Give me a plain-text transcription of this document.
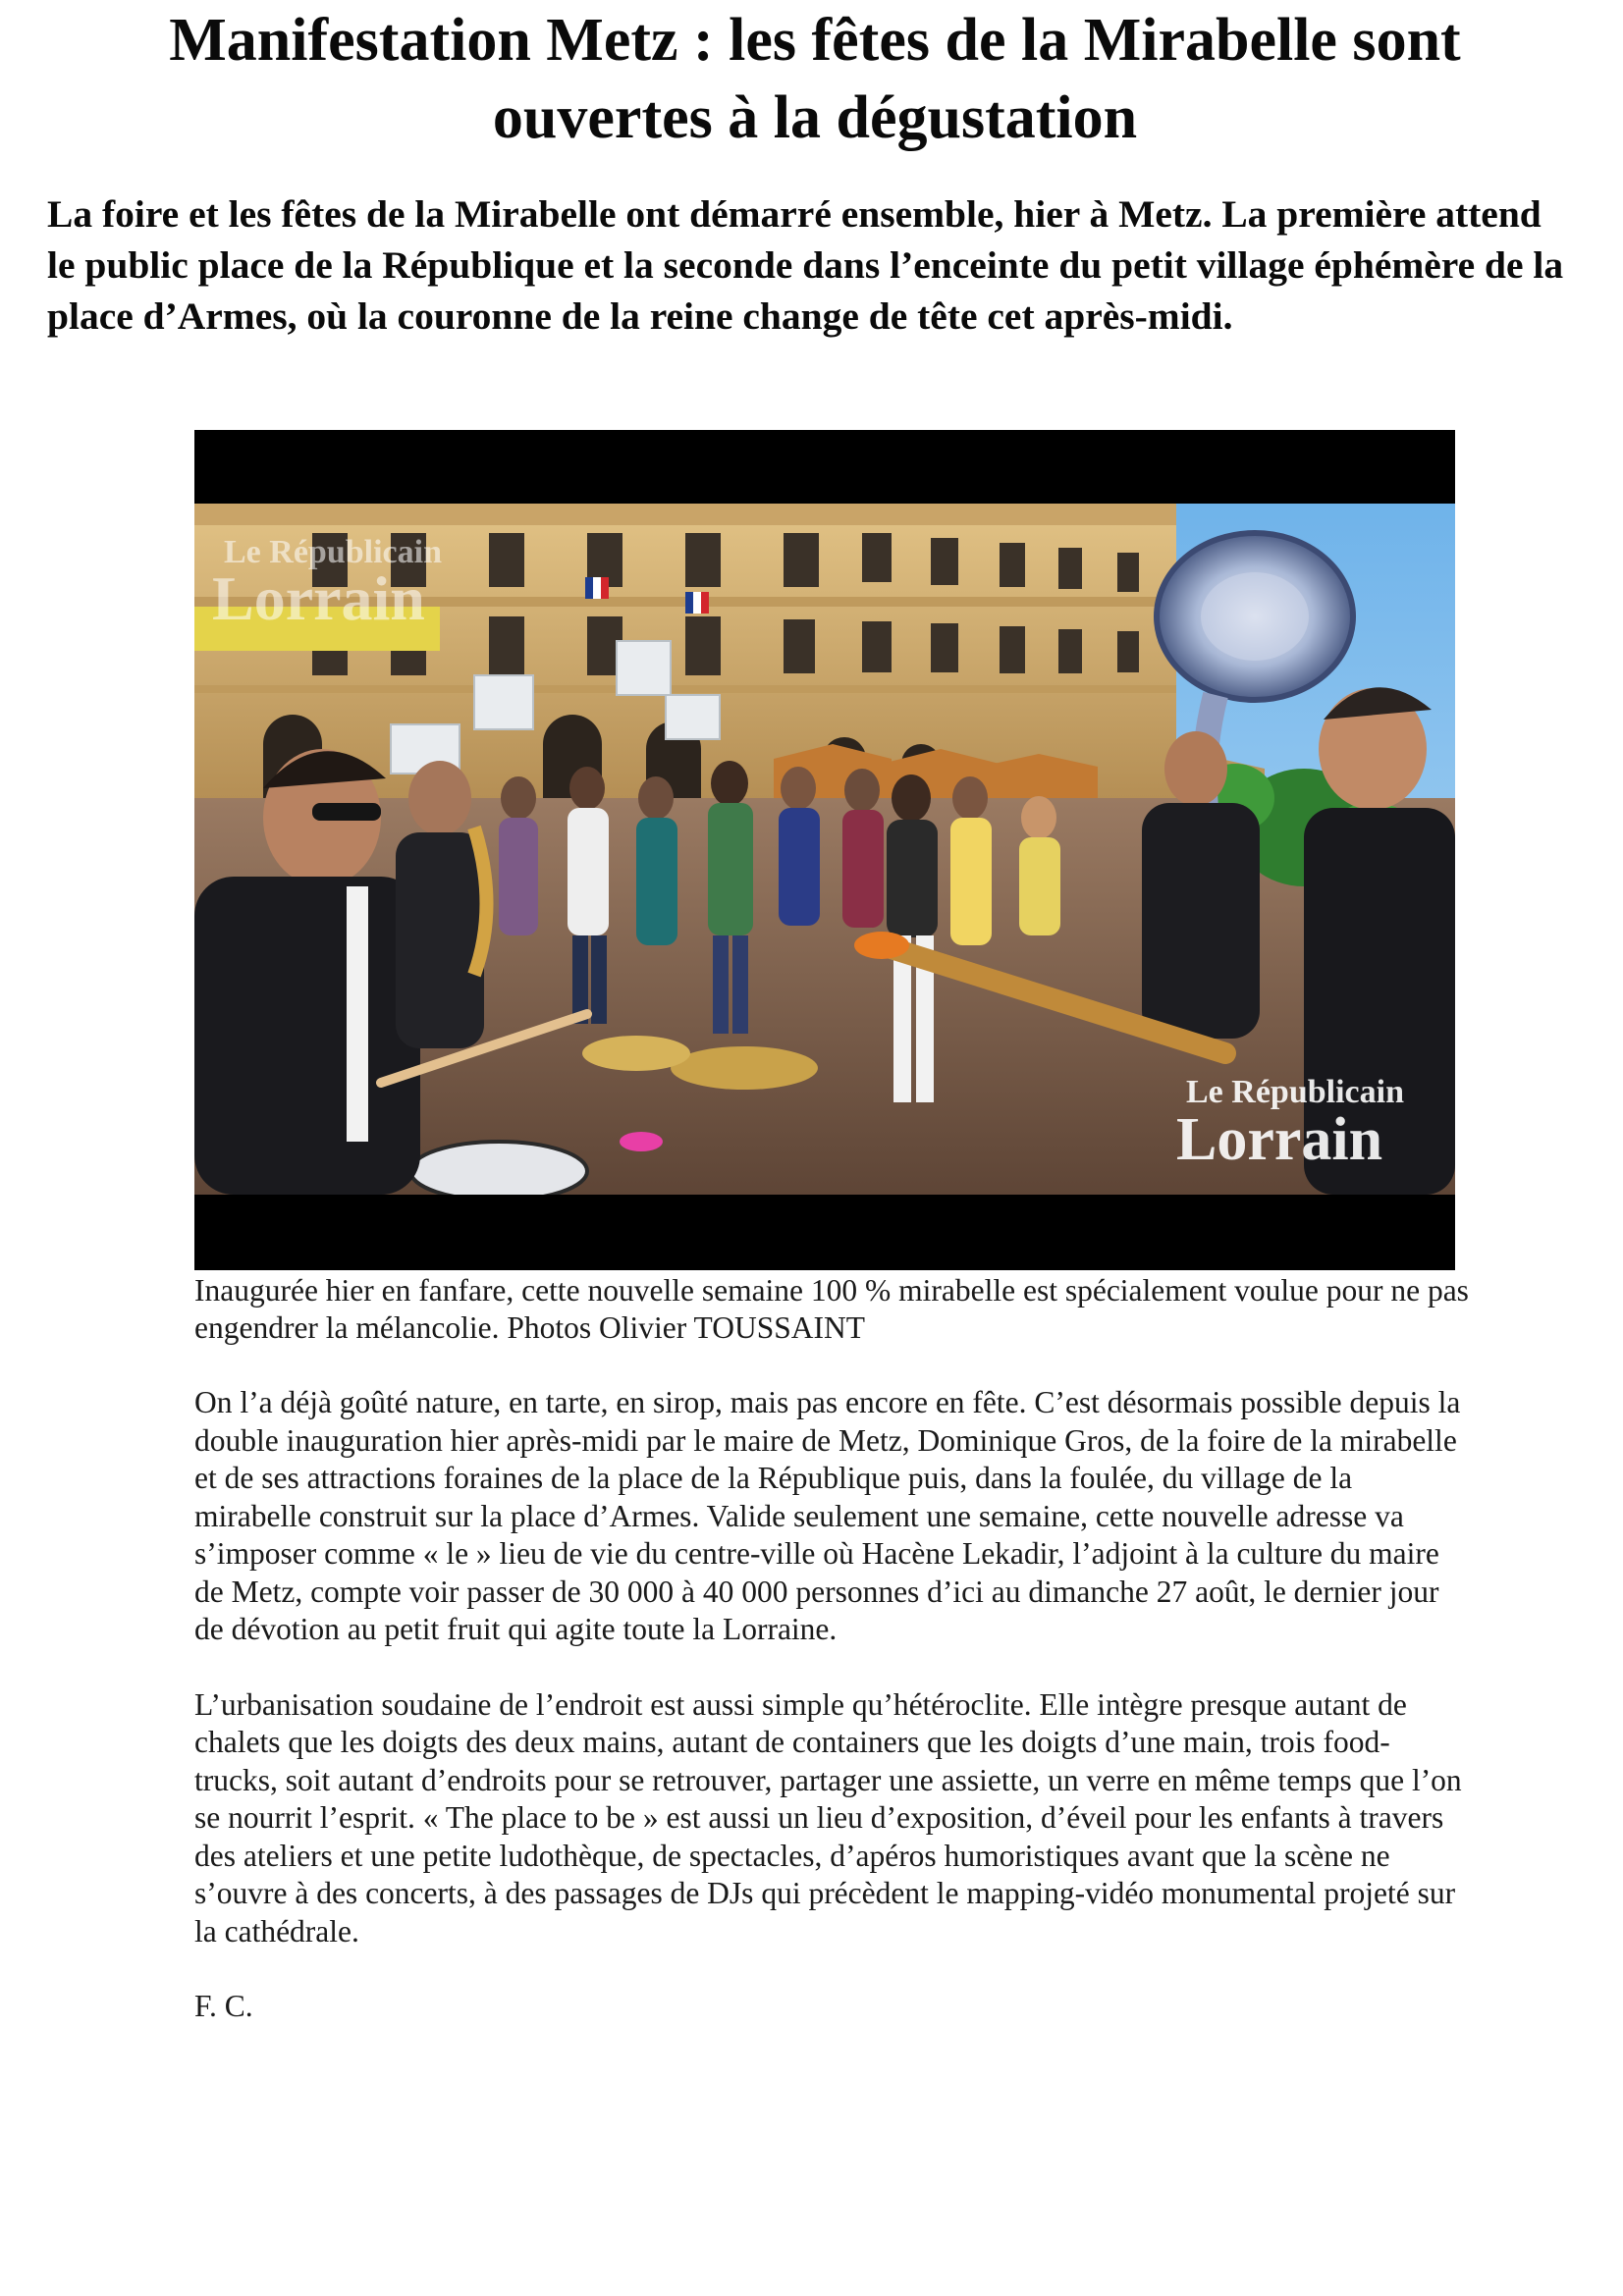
Manifestation Metz : les fêtes de la Mirabelle sont ouvertes à la dégustation

La foire et les fêtes de la Mirabelle ont démarré ensemble, hier à Metz. La première attend le public place de la République et la seconde dans l’enceinte du petit village éphémère de la place d’Armes, où la couronne de la reine change de tête cet après-midi.

Le Républicain
Lorrain
Le Républicain
Lorrain

Inaugurée hier en fanfare, cette nouvelle semaine 100 % mirabelle est spécialement voulue pour ne pas engendrer la mélancolie. Photos Olivier TOUSSAINT

On l’a déjà goûté nature, en tarte, en sirop, mais pas encore en fête. C’est désormais possible depuis la double inauguration hier après-midi par le maire de Metz, Dominique Gros, de la foire de la mirabelle et de ses attractions foraines de la place de la République puis, dans la foulée, du village de la mirabelle construit sur la place d’Armes. Valide seulement une semaine, cette nouvelle adresse va s’imposer comme « le » lieu de vie du centre-ville où Hacène Lekadir, l’adjoint à la culture du maire de Metz, compte voir passer de 30 000 à 40 000 personnes d’ici au dimanche 27 août, le dernier jour de dévotion au petit fruit qui agite toute la Lorraine.

L’urbanisation soudaine de l’endroit est aussi simple qu’hétéroclite. Elle intègre presque autant de chalets que les doigts des deux mains, autant de containers que les doigts d’une main, trois food-trucks, soit autant d’endroits pour se retrouver, partager une assiette, un verre en même temps que l’on se nourrit l’esprit. « The place to be » est aussi un lieu d’exposition, d’éveil pour les enfants à travers des ateliers et une petite ludothèque, de spectacles, d’apéros humoristiques avant que la scène ne s’ouvre à des concerts, à des passages de DJs qui précèdent le mapping-vidéo monumental projeté sur la cathédrale.

F. C.
